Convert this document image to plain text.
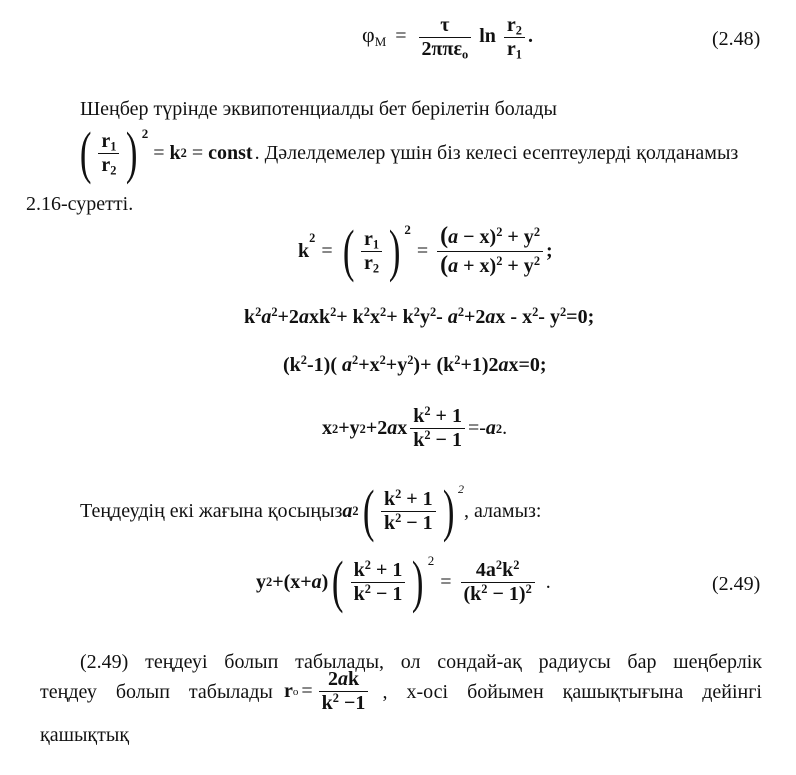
$\varphi_M = \frac{\tau}{2\pi\pi\varepsilon_o}$ $\ln \frac{r_2}{r_1}$ .	(2.48)
Шеңбер түрінде эквипотенциалды бет берілетін болады
( $\frac{r_1}{r_2}$ ) 2
= k 2 = const . Дәлелдемелер үшін біз келесі есептеулерді қолданамыз
2.16-суретті.
k
2
= ( $\frac{r_1}{r_2}$ ) 2
= $\frac{(a - x)^2 + y^2}{(a + x)^2 + y^2}$ ;
$k^2a^2+2axk^2+ k^2x^2+ k^2y^2-$ $a^2+2ax - x^2-$ $y^2=0$;
$(k^2-1)$( $a^2+x^2+y^2)+ (k^2+1)2ax=0$;
x 2 +y 2 +2 a x $\frac{k^2 + 1}{k^2 - 1} =- a$ 2 .
Теңдеудің екі жағына қосыңыз a 2 ( $\frac{k^2 + 1}{k^2 - 1}$ ) 2
, аламыз:
y 2 +(x+ a ) ( $\frac{k^2 + 1}{k^2 - 1}$ ) 2
= $\frac{4a^2k^2}{(k^2 - 1)^2}$ .	(2.49)
(2.49) теңдеуі болып табылады, ол сондай-ақ радиусы бар шеңберлік
теңдеу болып табылады r $o = \frac{2ak}{k^2 -1}$ , x-осі бойымен қашықтығына дейінгі
қашықтық
